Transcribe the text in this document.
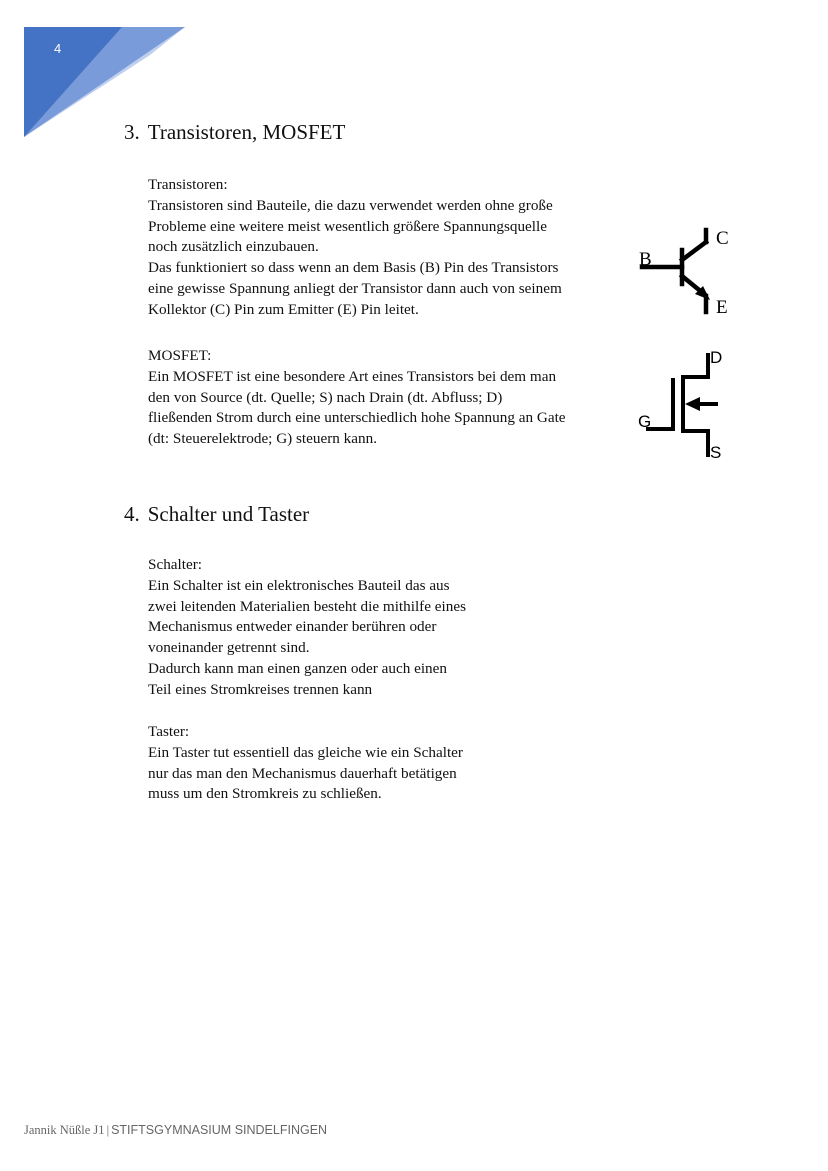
4
3. Transistoren, MOSFET
Transistoren:
Transistoren sind Bauteile, die dazu verwendet werden ohne große
Probleme eine weitere meist wesentlich größere Spannungsquelle
noch zusätzlich einzubauen.
Das funktioniert so dass wenn an dem Basis (B) Pin des Transistors
eine gewisse Spannung anliegt der Transistor dann auch von seinem
Kollektor (C) Pin zum Emitter (E) Pin leitet.
B
C
E
MOSFET:
Ein MOSFET ist eine besondere Art eines Transistors bei dem man
den von Source (dt. Quelle; S) nach Drain (dt. Abfluss; D)
fließenden Strom durch eine unterschiedlich hohe Spannung an Gate
(dt: Steuerelektrode; G) steuern kann.
D
G
S
4. Schalter und Taster
Schalter:
Ein Schalter ist ein elektronisches Bauteil das aus
zwei leitenden Materialien besteht die mithilfe eines
Mechanismus entweder einander berühren oder
voneinander getrennt sind.
Dadurch kann man einen ganzen oder auch einen
Teil eines Stromkreises trennen kann
Taster:
Ein Taster tut essentiell das gleiche wie ein Schalter
nur das man den Mechanismus dauerhaft betätigen
muss um den Stromkreis zu schließen.
Jannik Nüßle J1 | STIFTSGYMNASIUM SINDELFINGEN
